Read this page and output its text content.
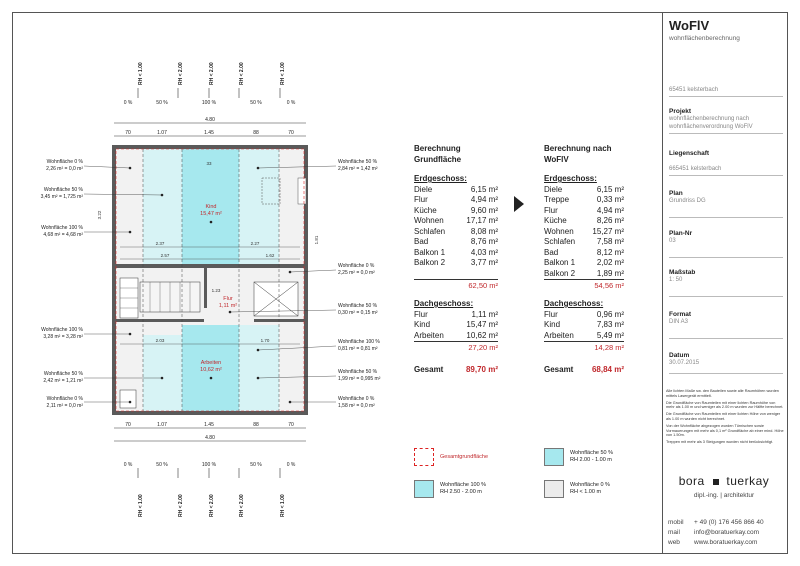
RH < 1.00	RH < 2.00	RH < 2.00	RH < 2.00	RH < 1.00
RH < 1.00	RH < 2.00	RH < 2.00	RH < 2.00	RH < 1.00
0 %	50 %	100 %	50 %	0 %
0 %	50 %	100 %	50 %	0 %
4.80
70	1.07	1.45	88	70
4.80
70	1.07	1.45	88	70
33
2.37
2.57
2.27
1.62
1.23
2.03	1.70
3.22
1.81
Kind
15,47 m²
Flur
1,11 m²
Arbeiten
10,62 m²
Wohnfläche 0 %
2,26 m² = 0,0 m²
Wohnfläche 50 %
3,45 m² = 1,725 m²
Wohnfläche 100 %
4,68 m² = 4,68 m²
Wohnfläche 100 %
3,28 m² = 3,28 m²
Wohnfläche 50 %
2,42 m² = 1,21 m²
Wohnfläche 0 %
2,11 m² = 0,0 m²
Wohnfläche 50 %
2,84 m² = 1,42 m²
Wohnfläche 0 %
2,25 m² = 0,0 m²
Wohnfläche 50 %
0,30 m² = 0,15 m²
Wohnfläche 100 %
0,81 m² = 0,81 m²
Wohnfläche 50 %
1,99 m² = 0,995 m²
Wohnfläche 0 %
1,58 m² = 0,0 m²
Berechnung Grundfläche
Erdgeschoss:
Diele	6,15 m²
Flur	4,94 m²
Küche	9,60 m²
Wohnen	17,17 m²
Schlafen	8,08 m²
Bad	8,76 m²
Balkon 1	4,03 m²
Balkon 2	3,77 m²
62,50 m²
Dachgeschoss:
Flur	1,11 m²
Kind	15,47 m²
Arbeiten	10,62 m²
27,20 m²
Gesamt	89,70 m²
Berechnung nach WoFlV
Erdgeschoss:
Diele	6,15 m²
Treppe	0,33 m²
Flur	4,94 m²
Küche	8,26 m²
Wohnen 15,27 m²
Schlafen	7,58 m²
Bad	8,12 m²
Balkon 1	2,02 m²
Balkon 2	1,89 m²
54,56 m²
Dachgeschoss:
Flur	0,96 m²
Kind	7,83 m²
Arbeiten	5,49 m²
14,28 m²
Gesamt 68,84 m²
Gesamtgrundfläche
Wohnfläche 50 %
RH 2.00 - 1.00 m
Wohnfläche 100 %
RH 2.50 - 2.00 m
Wohnfläche 0 %
RH < 1.00 m
WoFlV
wohnflächenberechnung
65451 kelsterbach
Projekt
wohnflächenberechnung nach wohnflächenverordnung WoFlV
Liegenschaft
665451 kelsterbach
Plan
Grundriss DG
Plan-Nr
03
Maßstab
1: 50
Format
DIN A3
Datum
30.07.2015

Alle lichten Maße sw. den Bauteilen sowie alle Raumhöhen wurden mittels Lasergerät ermittelt.

Die Grundfläche von Raumteilen mit einer lichten Raumhöhe von mehr als 1.00 m und weniger als 2.00 m wurden zur Hälfte berechnet.

Die Grundfläche von Raumteilen mit einer lichten Höhe von weniger als 1.00 m wurden nicht berechnet.

Von der Wohnfläche abgezogen wurden Türnischen sowie Vormauerungen mit mehr als 0,1 m² Grundfläche ab einer mind. Höhe von 1.50m.

Treppen mit mehr als 3 Steigungen wurden nicht berücksichtigt.

bora tuerkay
dipl.-ing. | architektur
mobil + 49 (0) 176 456 866 40
mail info@boratuerkay.com
web www.boratuerkay.com
